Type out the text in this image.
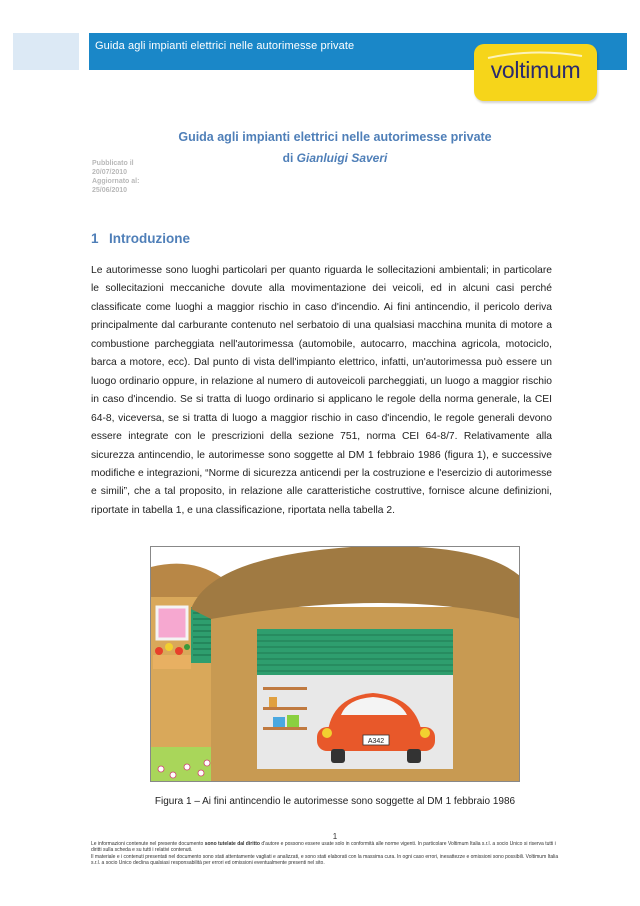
Guida agli impianti elettrici nelle autorimesse private
voltimum
Guida agli impianti elettrici nelle autorimesse private
di Gianluigi Saveri
Pubblicato il
20/07/2010
Aggiornato al:
25/06/2010
1 Introduzione
Le autorimesse sono luoghi particolari per quanto riguarda le sollecitazioni ambientali; in particolare le sollecitazioni meccaniche dovute alla movimentazione dei veicoli, ed in alcuni casi perché classificate come luoghi a maggior rischio in caso d'incendio. Ai fini antincendio, il pericolo deriva principalmente dal carburante contenuto nel serbatoio di una qualsiasi macchina munita di motore a combustione parcheggiata nell'autorimessa (automobile, autocarro, macchina agricola, motociclo, barca a motore, ecc). Dal punto di vista dell'impianto elettrico, infatti, un'autorimessa può essere un luogo ordinario oppure, in relazione al numero di autoveicoli parcheggiati, un luogo a maggior rischio in caso d'incendio. Se si tratta di luogo ordinario si applicano le regole della norma generale, la CEI 64-8, viceversa, se si tratta di luogo a maggior rischio in caso d'incendio, le regole generali devono essere integrate con le prescrizioni della sezione 751, norma CEI 64-8/7. Relativamente alla sicurezza antincendio, le autorimesse sono soggette al DM 1 febbraio 1986 (figura 1), e successive modifiche e integrazioni, “Norme di sicurezza anticendi per la costruzione e l'esercizio di autorimesse e simili”, che a tal proposito, in relazione alle caratteristiche costruttive, fornisce alcune definizioni, riportate in tabella 1, e una classificazione, riportata nella tabella 2.
A342
Figura 1 – Ai fini antincendio le autorimesse sono soggette al DM 1 febbraio 1986
1
Le informazioni contenute nel presente documento sono tutelate dal diritto d'autore e possono essere usate solo in conformità alle norme vigenti. In particolare Voltimum Italia s.r.l. a socio Unico si riserva tutti i diritti sulla scheda e su tutti i relativi contenuti.
Il materiale e i contenuti presentati nel documento sono stati attentamente vagliati e analizzati, e sono stati elaborati con la massima cura. In ogni caso errori, inesattezze e omissioni sono possibili. Voltimum Italia s.r.l. a socio Unico declina qualsiasi responsabilità per errori ed omissioni eventualmente presenti nel sito.
